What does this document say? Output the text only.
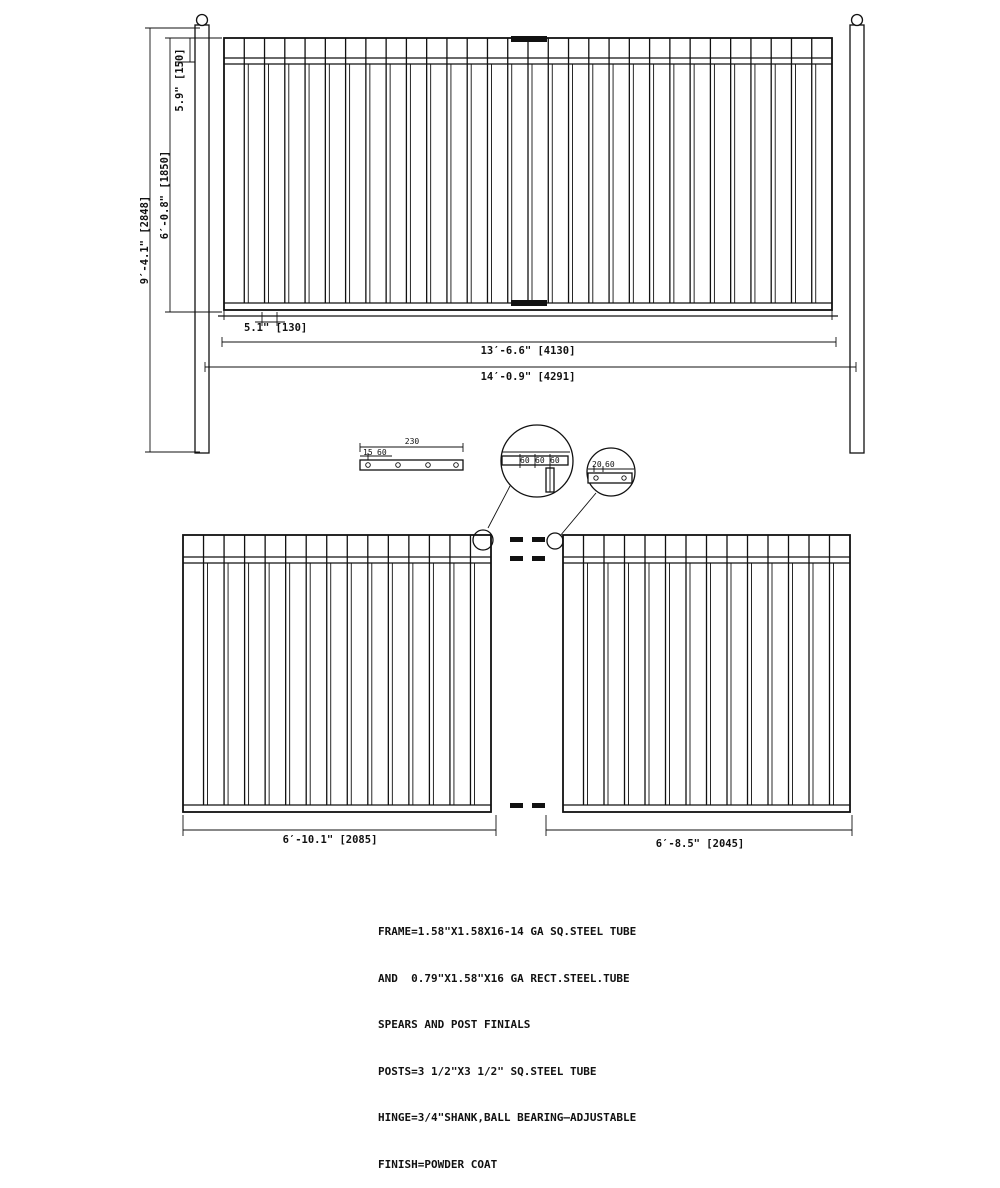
9′-4.1" [2848]
6′-0.8" [1850]
5.9" [150]
5.1" [130]
13′-6.6" [4130]
14′-0.9" [4291]
230
15 60
60 60 60	20 60
6′-10.1" [2085]	6′-8.5" [2045]

FRAME=1.58"X1.58X16-14 GA SQ.STEEL TUBE

AND  0.79"X1.58"X16 GA RECT.STEEL.TUBE

SPEARS AND POST FINIALS

POSTS=3 1/2"X3 1/2" SQ.STEEL TUBE

HINGE=3/4"SHANK,BALL BEARING—ADJUSTABLE

FINISH=POWDER COAT
